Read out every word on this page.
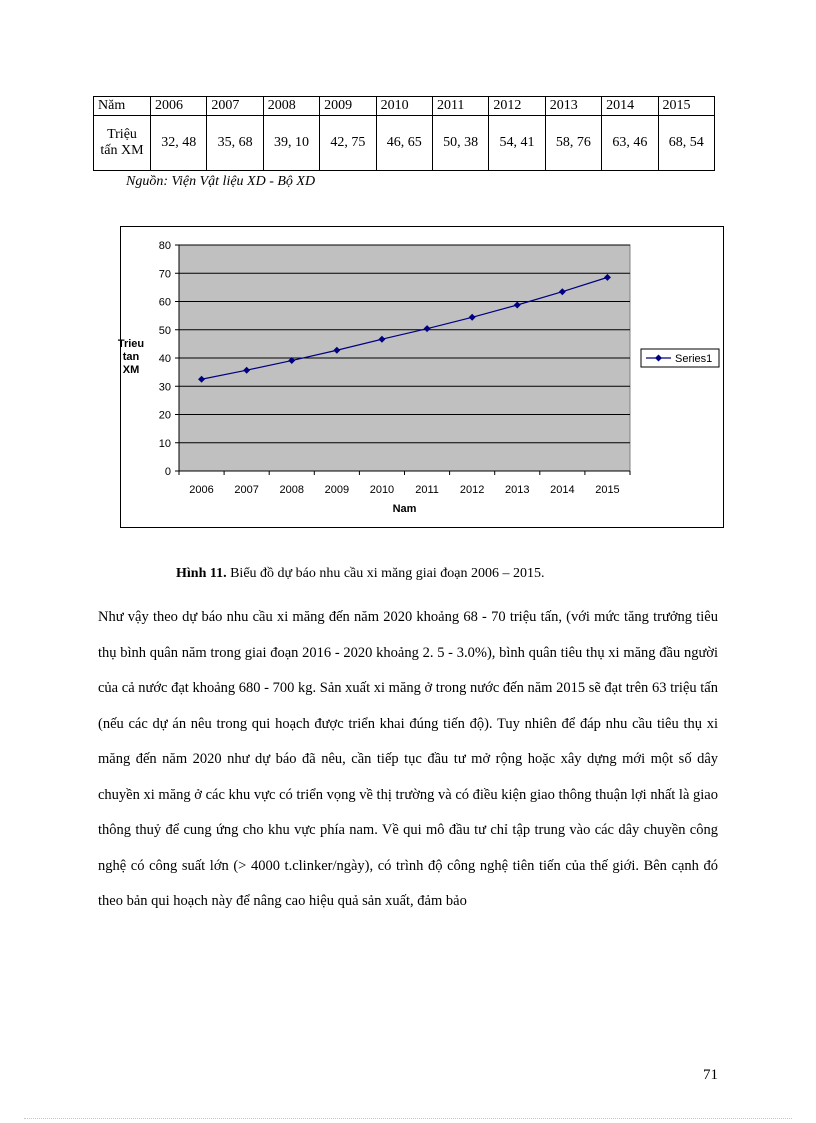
Năm	2006	2007	2008	2009	2010	2011	2012	2013	2014	2015
Triệu tấn XM	32, 48	35, 68	39, 10	42, 75	46, 65	50, 38	54, 41	58, 76	63, 46	68, 54
Nguồn: Viện Vật liệu XD - Bộ XD
0
10
20
30
40
50
60
70
80
2006 2007 2008 2009 2010 2011 2012 2013 2014 2015
Nam
Trieu
tan
XM
Series1
Hình 11. Biểu đồ dự báo nhu cầu xi măng giai đoạn 2006 – 2015.

Như vậy theo dự báo nhu cầu xi măng đến năm 2020 khoảng 68 - 70 triệu tấn, (với mức tăng trưởng tiêu thụ bình quân năm trong giai đoạn 2016 - 2020 khoảng 2. 5 - 3.0%), bình quân tiêu thụ xi măng đầu người của cả nước đạt khoảng 680 - 700 kg. Sản xuất xi măng ở trong nước đến năm 2015 sẽ đạt trên 63 triệu tấn (nếu các dự án nêu trong qui hoạch được triển khai đúng tiến độ). Tuy nhiên để đáp nhu cầu tiêu thụ xi măng đến năm 2020 như dự báo đã nêu, cần tiếp tục đầu tư mở rộng hoặc xây dựng mới một số dây chuyền xi măng ở các khu vực có triển vọng về thị trường và có điều kiện giao thông thuận lợi nhất là giao thông thuỷ để cung ứng cho khu vực phía nam. Về qui mô đầu tư chỉ tập trung vào các dây chuyền công nghệ có công suất lớn (> 4000 t.clinker/ngày), có trình độ công nghệ tiên tiến của thế giới. Bên cạnh đó theo bản qui hoạch này để nâng cao hiệu quả sản xuất, đảm bảo

71
